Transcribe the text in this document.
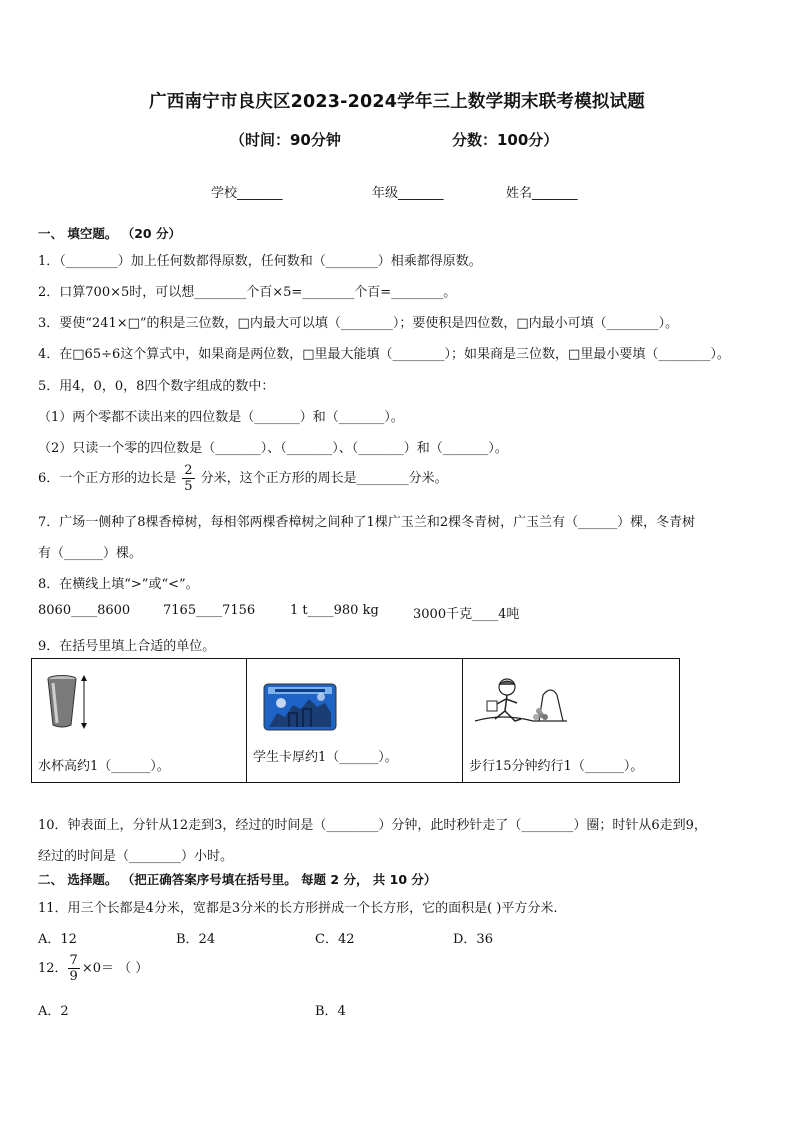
广西南宁市良庆区2023-2024学年三上数学期末联考模拟试题
（时间：90分钟	分数：100分）
学校_______	年级_______	姓名_______
一、 填空题。 （20 分）
1．（________）加上任何数都得原数，任何数和（________）相乘都得原数。
2．口算700×5时，可以想________个百×5=________个百=________。
3．要使“241×□”的积是三位数，□内最大可以填（________）；要使积是四位数，□内最小可填（________）。
4．在□65÷6这个算式中，如果商是两位数，□里最大能填（________）；如果商是三位数，□里最小要填（________）。
5．用4，0，0，8四个数字组成的数中：
（1）两个零都不读出来的四位数是（_______）和（_______）。
（2）只读一个零的四位数是（_______）、（_______）、（_______）和（_______）。
6．一个正方形的边长是 $\frac{2}{5}$ 分米，这个正方形的周长是________分米。
7．广场一侧种了8棵香樟树，每相邻两棵香樟树之间种了1棵广玉兰和2棵冬青树，广玉兰有（______）棵，冬青树
有（______）棵。
8．在横线上填“>”或“<”。
8060____8600	7165____7156	1 t____980 kg	3000千克____4吨
9．在括号里填上合适的单位。
水杯高约1（______）。

学生卡厚约1（______）。

步行15分钟约行1（______）。
10．钟表面上，分针从12走到3，经过的时间是（________）分钟，此时秒针走了（________）圈；时针从6走到9，
经过的时间是（________）小时。
二、 选择题。 （把正确答案序号填在括号里。 每题 2 分， 共 10 分）
11．用三个长都是4分米，宽都是3分米的长方形拼成一个长方形，它的面积是( )平方分米.
A．12	B．24	C．42	D．36
12． $\frac{7}{9} \times 0=$ （ ）
A．2	B．4
